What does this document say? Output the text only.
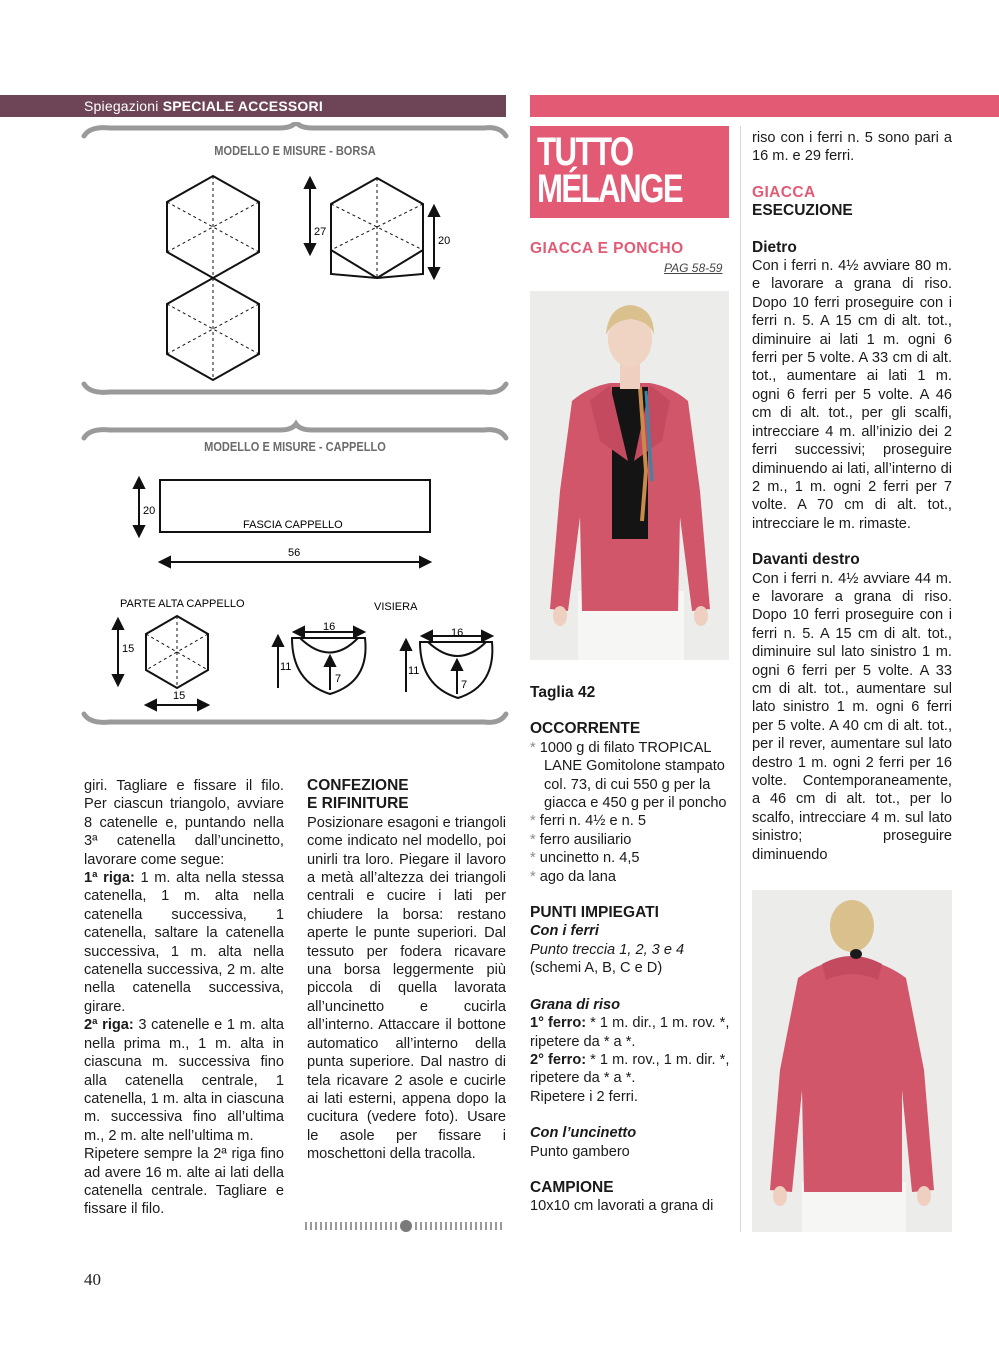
Spiegazioni SPECIALE ACCESSORI
MODELLO E MISURE - BORSA
MODELLO E MISURE - CAPPELLO
27
20
20
FASCIA CAPPELLO
56
PARTE ALTA CAPPELLO
15
15
VISIERA
16
11
7
16
11
7

giri. Tagliare e fissare il filo. Per ciascun triangolo, avviare 8 catenelle e, puntando nella 3ª catenella dall’uncinetto, lavorare come segue:

1ª riga: 1 m. alta nella stessa catenella, 1 m. alta nella catenella successiva, 1 catenella, saltare la catenella successiva, 1 m. alta nella catenella successiva, 2 m. alte nella catenella successiva, girare.

2ª riga: 3 catenelle e 1 m. alta nella prima m., 1 m. alta in ciascuna m. successiva fino alla catenella centrale, 1 catenella, 1 m. alta in ciascuna m. successiva fino all’ultima m., 2 m. alte nell’ultima m.

Ripetere sempre la 2ª riga fino ad avere 16 m. alte ai lati della catenella centrale. Tagliare e fissare il filo.

CONFEZIONE

E RIFINITURE

Posizionare esagoni e triangoli come indicato nel modello, poi unirli tra loro. Piegare il lavoro a metà all’altezza dei triangoli centrali e cucire i lati per chiudere la borsa: restano aperte le punte superiori. Dal tessuto per fodera ricavare una borsa leggermente più piccola di quella lavorata all’uncinetto e cucirla all’interno. Attaccare il bottone automatico all’interno della punta superiore. Dal nastro di tela ricavare 2 asole e cucirle ai lati esterni, appena dopo la cucitura (vedere foto). Usare le asole per fissare i moschettoni della tracolla.

TUTTO
MÉLANGE
GIACCA E PONCHO
PAG 58-59

Taglia 42

OCCORRENTE

* 1000 g di filato TROPICAL LANE Gomitolone stampato col. 73, di cui 550 g per la giacca e 450 g per il poncho

* ferri n. 4½ e n. 5

* ferro ausiliario

* uncinetto n. 4,5

* ago da lana

PUNTI IMPIEGATI

Con i ferri

Punto treccia 1, 2, 3 e 4

(schemi A, B, C e D)

Grana di riso

1° ferro: * 1 m. dir., 1 m. rov. *, ripetere da * a *.

2° ferro: * 1 m. rov., 1 m. dir. *, ripetere da * a *.

Ripetere i 2 ferri.

Con l’uncinetto

Punto gambero

CAMPIONE

10x10 cm lavorati a grana di

riso con i ferri n. 5 sono pari a 16 m. e 29 ferri.

GIACCA

ESECUZIONE

Dietro

Con i ferri n. 4½ avviare 80 m. e lavorare a grana di riso. Dopo 10 ferri proseguire con i ferri n. 5. A 15 cm di alt. tot., diminuire ai lati 1 m. ogni 6 ferri per 5 volte. A 33 cm di alt. tot., aumentare ai lati 1 m. ogni 6 ferri per 5 volte. A 46 cm di alt. tot., per gli scalfi, intrecciare 4 m. all’inizio dei 2 ferri successivi; proseguire diminuendo ai lati, all’interno di 2 m., 1 m. ogni 2 ferri per 7 volte. A 70 cm di alt. tot., intrecciare le m. rimaste.

Davanti destro

Con i ferri n. 4½ avviare 44 m. e lavorare a grana di riso. Dopo 10 ferri proseguire con i ferri n. 5. A 15 cm di alt. tot., diminuire sul lato sinistro 1 m. ogni 6 ferri per 5 volte. A 33 cm di alt. tot., aumentare sul lato sinistro 1 m. ogni 6 ferri per 5 volte. A 40 cm di alt. tot., per il rever, aumentare sul lato destro 1 m. ogni 2 ferri per 16 volte. Contemporaneamente, a 46 cm di alt. tot., per lo scalfo, intrecciare 4 m. sul lato sinistro; proseguire diminuendo

40
